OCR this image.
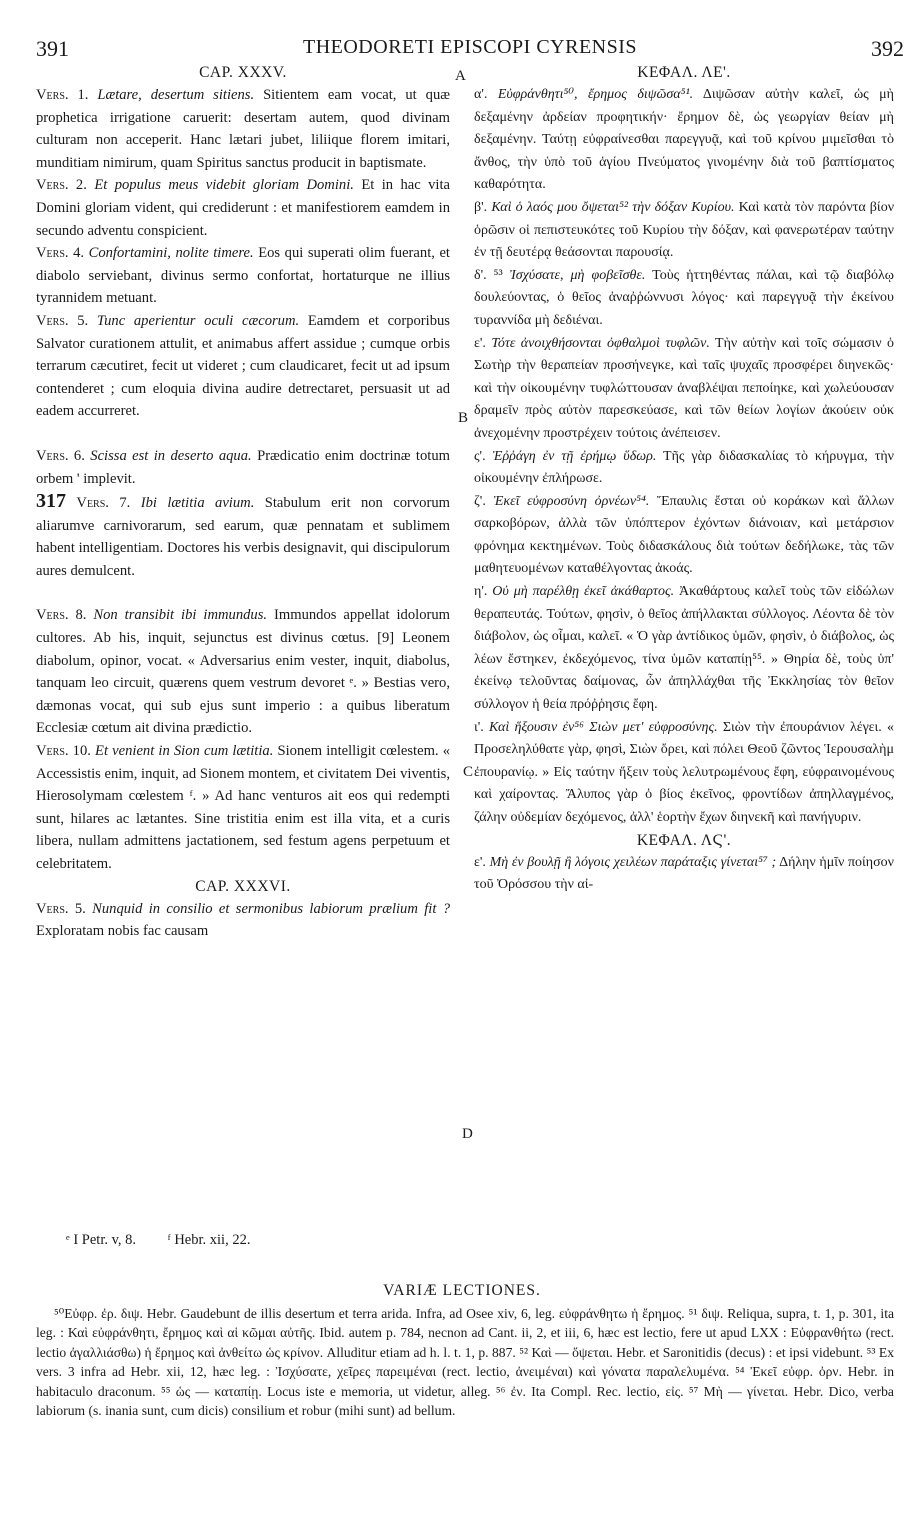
391	THEODORETI EPISCOPI CYRENSIS	392
A
B
C
D

CAP. XXXV.

Vers. 1. Lætare, desertum sitiens. Sitientem eam vocat, ut quæ prophetica irrigatione caruerit: desertam autem, quod divinam culturam non acceperit. Hanc lætari jubet, liliique florem imitari, munditiam nimirum, quam Spiritus sanctus producit in baptismate.

Vers. 2. Et populus meus videbit gloriam Domini. Et in hac vita Domini gloriam vident, qui crediderunt : et manifestiorem eamdem in secundo adventu conspicient.

Vers. 4. Confortamini, nolite timere. Eos qui superati olim fuerant, et diabolo serviebant, divinus sermo confortat, hortaturque ne illius tyrannidem metuant.

Vers. 5. Tunc aperientur oculi cæcorum. Eamdem et corporibus Salvator curationem attulit, et animabus affert assidue ; cumque orbis terrarum cæcutiret, fecit ut videret ; cum claudicaret, fecit ut ad ipsum contenderet ; cum eloquia divina audire detrectaret, persuasit ut ad eadem accurreret.

Vers. 6. Scissa est in deserto aqua. Prædicatio enim doctrinæ totum orbem ' implevit.

317 Vers. 7. Ibi lætitia avium. Stabulum erit non corvorum aliarumve carnivorarum, sed earum, quæ pennatam et sublimem habent intelligentiam. Doctores his verbis designavit, qui discipulorum aures demulcent.

Vers. 8. Non transibit ibi immundus. Immundos appellat idolorum cultores. Ab his, inquit, sejunctus est divinus cœtus. [9] Leonem diabolum, opinor, vocat. « Adversarius enim vester, inquit, diabolus, tanquam leo circuit, quærens quem vestrum devoret ᵉ. » Bestias vero, dæmonas vocat, qui sub ejus sunt imperio : a quibus liberatum Ecclesiæ cœtum ait divina prædictio.

Vers. 10. Et venient in Sion cum lætitia. Sionem intelligit cœlestem. « Accessistis enim, inquit, ad Sionem montem, et civitatem Dei viventis, Hierosolymam cœlestem ᶠ. » Ad hanc venturos ait eos qui redempti sunt, hilares ac lætantes. Sine tristitia enim est illa vita, et a curis libera, nullam admittens jactationem, sed festum agens perpetuum et celebritatem.

CAP. XXXVI.

Vers. 5. Nunquid in consilio et sermonibus labiorum prælium fit ? Exploratam nobis fac causam

ΚΕΦΑΛ. ΛΕ'.

α'. Εὐφράνθητι⁵⁰, ἔρημος διψῶσα⁵¹. Διψῶσαν αὐτὴν καλεῖ, ὡς μὴ δεξαμένην ἀρδείαν προφητικήν· ἔρημον δὲ, ὡς γεωργίαν θείαν μὴ δεξαμένην. Ταύτῃ εὐφραίνεσθαι παρεγγυᾷ, καὶ τοῦ κρίνου μιμεῖσθαι τὸ ἄνθος, τὴν ὑπὸ τοῦ ἁγίου Πνεύματος γινομένην διὰ τοῦ βαπτίσματος καθαρότητα.

β'. Καὶ ὁ λαός μου ὄψεται⁵² τὴν δόξαν Κυρίου. Καὶ κατὰ τὸν παρόντα βίον ὁρῶσιν οἱ πεπιστευκότες τοῦ Κυρίου τὴν δόξαν, καὶ φανερωτέραν ταύτην ἐν τῇ δευτέρᾳ θεάσονται παρουσίᾳ.

δ'. ⁵³ Ἰσχύσατε, μὴ φοβεῖσθε. Τοὺς ἡττηθέντας πάλαι, καὶ τῷ διαβόλῳ δουλεύοντας, ὁ θεῖος ἀναῤῥώννυσι λόγος· καὶ παρεγγυᾷ τὴν ἐκείνου τυραννίδα μὴ δεδιέναι.

ε'. Τότε ἀνοιχθήσονται ὀφθαλμοὶ τυφλῶν. Τὴν αὐτὴν καὶ τοῖς σώμασιν ὁ Σωτὴρ τὴν θεραπείαν προσήνεγκε, καὶ ταῖς ψυχαῖς προσφέρει διηνεκῶς· καὶ τὴν οἰκουμένην τυφλώττουσαν ἀναβλέψαι πεποίηκε, καὶ χωλεύουσαν δραμεῖν πρὸς αὐτὸν παρεσκεύασε, καὶ τῶν θείων λογίων ἀκούειν οὐκ ἀνεχομένην προστρέχειν τούτοις ἀνέπεισεν.

ς'. Ἐῤῥάγη ἐν τῇ ἐρήμῳ ὕδωρ. Τῆς γὰρ διδασκαλίας τὸ κήρυγμα, τὴν οἰκουμένην ἐπλήρωσε.

ζ'. Ἐκεῖ εὐφροσύνη ὀρνέων⁵⁴. Ἔπαυλις ἔσται οὐ κοράκων καὶ ἄλλων σαρκοβόρων, ἀλλὰ τῶν ὑπόπτερον ἐχόντων διάνοιαν, καὶ μετάρσιον φρόνημα κεκτημένων. Τοὺς διδασκάλους διὰ τούτων δεδήλωκε, τὰς τῶν μαθητευομένων καταθέλγοντας ἀκοάς.

η'. Οὐ μὴ παρέλθῃ ἐκεῖ ἀκάθαρτος. Ἀκαθάρτους καλεῖ τοὺς τῶν εἰδώλων θεραπευτάς. Τούτων, φησὶν, ὁ θεῖος ἀπήλλακται σύλλογος. Λέοντα δὲ τὸν διάβολον, ὡς οἶμαι, καλεῖ. « Ὁ γὰρ ἀντίδικος ὑμῶν, φησὶν, ὁ διάβολος, ὡς λέων ἔστηκεν, ἐκδεχόμενος, τίνα ὑμῶν καταπίῃ⁵⁵. » Θηρία δὲ, τοὺς ὑπ' ἐκείνῳ τελοῦντας δαίμονας, ὧν ἀπηλλάχθαι τῆς Ἐκκλησίας τὸν θεῖον σύλλογον ἡ θεία πρόῤῥησις ἔφη.

ι'. Καὶ ἥξουσιν ἐν⁵⁶ Σιὼν μετ' εὐφροσύνης. Σιὼν τὴν ἐπουράνιον λέγει. « Προσεληλύθατε γὰρ, φησὶ, Σιὼν ὄρει, καὶ πόλει Θεοῦ ζῶντος Ἱερουσαλὴμ ἐπουρανίῳ. » Εἰς ταύτην ἥξειν τοὺς λελυτρωμένους ἔφη, εὐφραινομένους καὶ χαίροντας. Ἄλυπος γὰρ ὁ βίος ἐκεῖνος, φροντίδων ἀπηλλαγμένος, ζάλην οὐδεμίαν δεχόμενος, ἀλλ' ἑορτὴν ἔχων διηνεκῆ καὶ πανήγυριν.

ΚΕΦΑΛ. ΛϚ'.

ε'. Μὴ ἐν βουλῇ ἢ λόγοις χειλέων παράταξις γίνεται⁵⁷ ; Δήλην ἡμῖν ποίησον τοῦ Ὀρόσσου τὴν αἰ-

ᵉ I Petr. v, 8. ᶠ Hebr. xii, 22.
VARIÆ LECTIONES.

⁵⁰Εὐφρ. ἐρ. διψ. Hebr. Gaudebunt de illis desertum et terra arida. Infra, ad Osee xiv, 6, leg. εὐφράνθητω ἡ ἔρημος. ⁵¹ διψ. Reliqua, supra, t. 1, p. 301, ita leg. : Καὶ εὐφράνθητι, ἔρημος καὶ αἱ κῶμαι αὐτῆς. Ibid. autem p. 784, necnon ad Cant. ii, 2, et iii, 6, hæc est lectio, fere ut apud LXX : Εὐφρανθήτω (rect. lectio ἀγαλλιάσθω) ἡ ἔρημος καὶ ἀνθείτω ὡς κρίνον. Alluditur etiam ad h. l. t. 1, p. 887. ⁵² Καὶ — ὄψεται. Hebr. et Saronitidis (decus) : et ipsi videbunt. ⁵³ Ex vers. 3 infra ad Hebr. xii, 12, hæc leg. : Ἰσχύσατε, χεῖρες παρειμέναι (rect. lectio, ἀνειμέναι) καὶ γόνατα παραλελυμένα. ⁵⁴ Ἐκεῖ εὐφρ. ὀρν. Hebr. in habitaculo draconum. ⁵⁵ ὡς — καταπίῃ. Locus iste e memoria, ut videtur, alleg. ⁵⁶ ἐν. Ita Compl. Rec. lectio, εἰς. ⁵⁷ Μὴ — γίνεται. Hebr. Dico, verba labiorum (s. inania sunt, cum dicis) consilium et robur (mihi sunt) ad bellum.
